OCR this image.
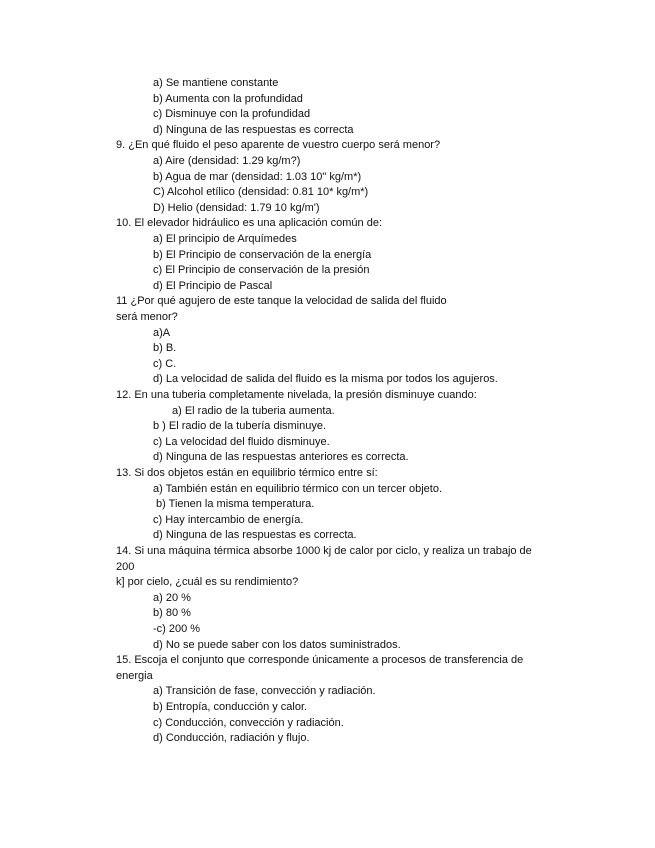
a) Se mantiene constante
b) Aumenta con la profundidad
c) Disminuye con la profundidad
d) Ninguna de las respuestas es correcta
9. ¿En qué fluido el peso aparente de vuestro cuerpo será menor?
a) Aire (densidad: 1.29 kg/m?)
b) Agua de mar (densidad: 1.03 10" kg/m*)
C) Alcohol etílico (densidad: 0.81 10* kg/m*)
D) Helio (densidad: 1.79 10 kg/m')
10. El elevador hidráulico es una aplicación común de:
a) El principio de Arquímedes
b) El Principio de conservación de la energía
c) El Principio de conservación de la presión
d) El Principio de Pascal
11 ¿Por qué agujero de este tanque la velocidad de salida del fluido
será menor?
a)A
b) B.
c) C.
d) La velocidad de salida del fluido es la misma por todos los agujeros.
12. En una tuberia completamente nivelada, la presión disminuye cuando:
a) El radio de la tuberia aumenta.
b ) El radio de la tubería disminuye.
c) La velocidad del fluido disminuye.
d) Ninguna de las respuestas anteriores es correcta.
13. Si dos objetos están en equilibrio térmico entre sí:
a) También están en equilibrio térmico con un tercer objeto.
b) Tienen la misma temperatura.
c) Hay intercambio de energía.
d) Ninguna de las respuestas es correcta.
14. Si una máquina térmica absorbe 1000 kj de calor por ciclo, y realiza un trabajo de
200
k] por cielo, ¿cuál es su rendimiento?
a) 20 %
b) 80 %
-c) 200 %
d) No se puede saber con los datos suministrados.
15. Escoja el conjunto que corresponde únicamente a procesos de transferencia de
energia
a) Transición de fase, convección y radiación.
b) Entropía, conducción y calor.
c) Conducción, convección y radiación.
d) Conducción, radiación y flujo.
